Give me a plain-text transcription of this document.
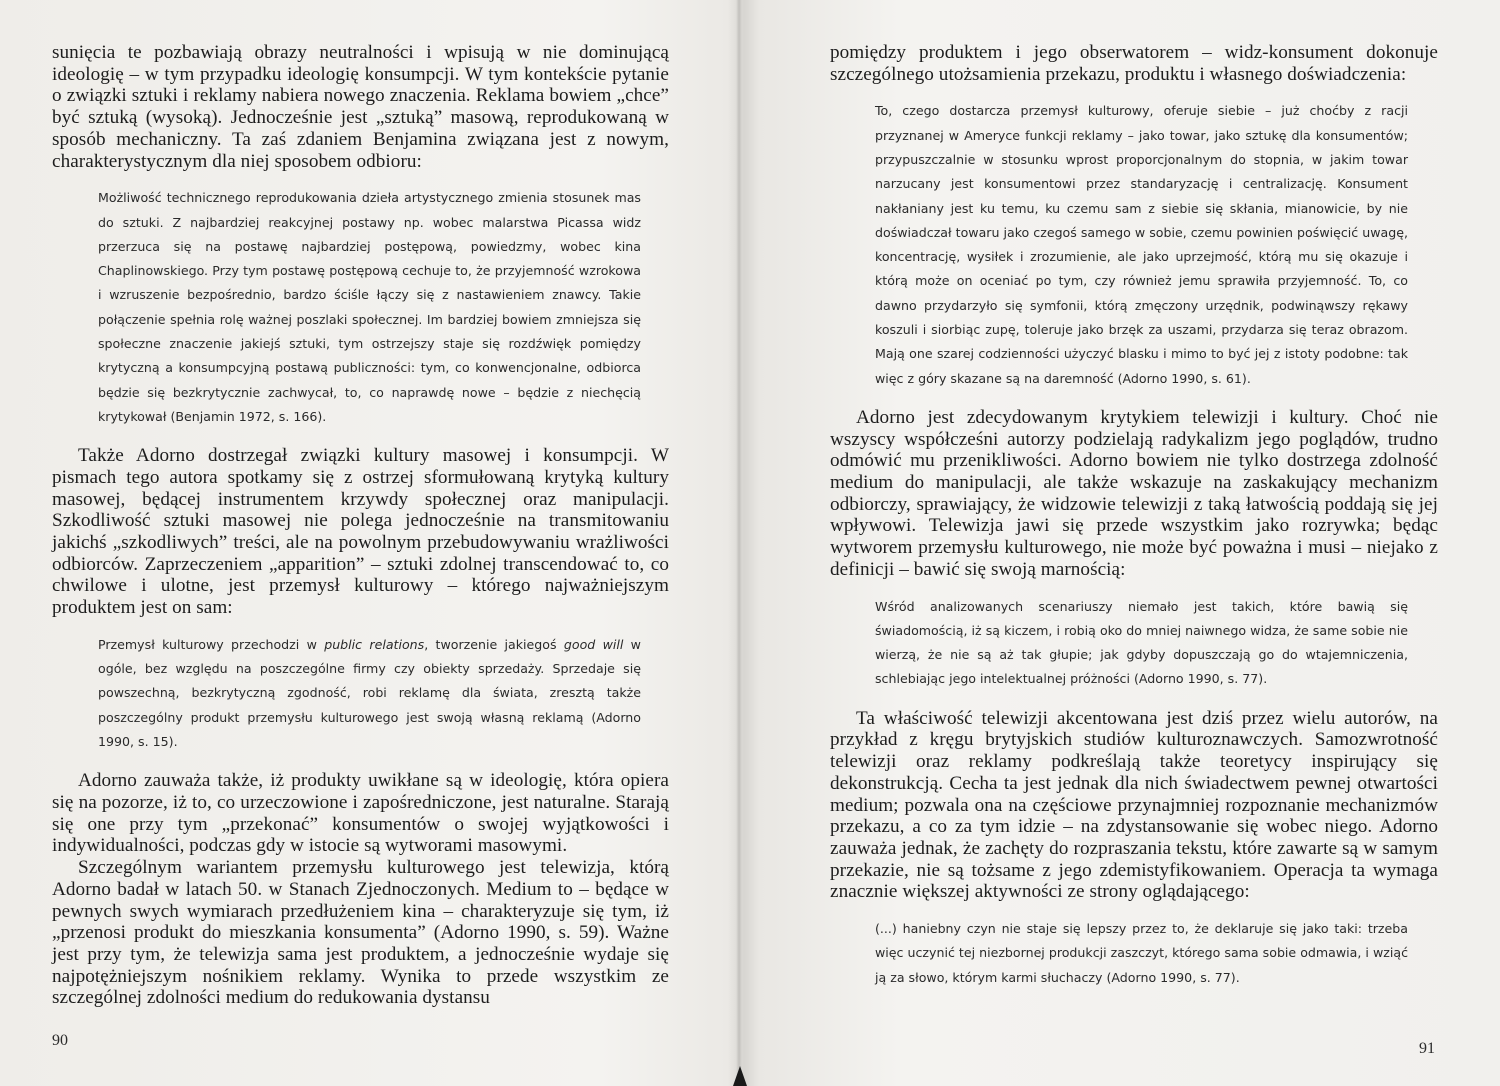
sunięcia te pozbawiają obrazy neutralności i wpisują w nie dominującą ideologię – w tym przypadku ideologię konsumpcji. W tym kontekście pytanie o związki sztuki i reklamy nabiera nowego znaczenia. Reklama bowiem „chce” być sztuką (wysoką). Jednocześnie jest „sztuką” masową, reprodukowaną w sposób mechaniczny. Ta zaś zdaniem Benjamina związana jest z nowym, charakterystycznym dla niej sposobem odbioru:

Możliwość technicznego reprodukowania dzieła artystycznego zmienia stosunek mas do sztuki. Z najbardziej reakcyjnej postawy np. wobec malarstwa Picassa widz przerzuca się na postawę najbardziej postępową, powiedzmy, wobec kina Chaplinowskiego. Przy tym postawę postępową cechuje to, że przyjemność wzrokowa i wzruszenie bezpośrednio, bardzo ściśle łączy się z nastawieniem znawcy. Takie połączenie spełnia rolę ważnej poszlaki społecznej. Im bardziej bowiem zmniejsza się społeczne znaczenie jakiejś sztuki, tym ostrzejszy staje się rozdźwięk pomiędzy krytyczną a konsumpcyjną postawą publiczności: tym, co konwencjonalne, odbiorca będzie się bezkrytycznie zachwycał, to, co naprawdę nowe – będzie z niechęcią krytykował (Benjamin 1972, s. 166).

Także Adorno dostrzegał związki kultury masowej i konsumpcji. W pismach tego autora spotkamy się z ostrzej sformułowaną krytyką kultury masowej, będącej instrumentem krzywdy społecznej oraz manipulacji. Szkodliwość sztuki masowej nie polega jednocześnie na transmitowaniu jakichś „szkodliwych” treści, ale na powolnym przebudowywaniu wrażliwości odbiorców. Zaprzeczeniem „apparition” – sztuki zdolnej transcendować to, co chwilowe i ulotne, jest przemysł kulturowy – którego najważniejszym produktem jest on sam:

Przemysł kulturowy przechodzi w public relations, tworzenie jakiegoś good will w ogóle, bez względu na poszczególne firmy czy obiekty sprzedaży. Sprzedaje się powszechną, bezkrytyczną zgodność, robi reklamę dla świata, zresztą także poszczególny produkt przemysłu kulturowego jest swoją własną reklamą (Adorno 1990, s. 15).

Adorno zauważa także, iż produkty uwikłane są w ideologię, która opiera się na pozorze, iż to, co urzeczowione i zapośredniczone, jest naturalne. Starają się one przy tym „przekonać” konsumentów o swojej wyjątkowości i indywidualności, podczas gdy w istocie są wytworami masowymi.

Szczególnym wariantem przemysłu kulturowego jest telewizja, którą Adorno badał w latach 50. w Stanach Zjednoczonych. Medium to – będące w pewnych swych wymiarach przedłużeniem kina – charakteryzuje się tym, iż „przenosi produkt do mieszkania konsumenta” (Adorno 1990, s. 59). Ważne jest przy tym, że telewizja sama jest produktem, a jednocześnie wydaje się najpotężniejszym nośnikiem reklamy. Wynika to przede wszystkim ze szczególnej zdolności medium do redukowania dystansu

pomiędzy produktem i jego obserwatorem – widz-konsument dokonuje szczególnego utożsamienia przekazu, produktu i własnego doświadczenia:

To, czego dostarcza przemysł kulturowy, oferuje siebie – już choćby z racji przyznanej w Ameryce funkcji reklamy – jako towar, jako sztukę dla konsumentów; przypuszczalnie w stosunku wprost proporcjonalnym do stopnia, w jakim towar narzucany jest konsumentowi przez standaryzację i centralizację. Konsument nakłaniany jest ku temu, ku czemu sam z siebie się skłania, mianowicie, by nie doświadczał towaru jako czegoś samego w sobie, czemu powinien poświęcić uwagę, koncentrację, wysiłek i zrozumienie, ale jako uprzejmość, którą mu się okazuje i którą może on oceniać po tym, czy również jemu sprawiła przyjemność. To, co dawno przydarzyło się symfonii, którą zmęczony urzędnik, podwinąwszy rękawy koszuli i siorbiąc zupę, toleruje jako brzęk za uszami, przydarza się teraz obrazom. Mają one szarej codzienności użyczyć blasku i mimo to być jej z istoty podobne: tak więc z góry skazane są na daremność (Adorno 1990, s. 61).

Adorno jest zdecydowanym krytykiem telewizji i kultury. Choć nie wszyscy współcześni autorzy podzielają radykalizm jego poglądów, trudno odmówić mu przenikliwości. Adorno bowiem nie tylko dostrzega zdolność medium do manipulacji, ale także wskazuje na zaskakujący mechanizm odbiorczy, sprawiający, że widzowie telewizji z taką łatwością poddają się jej wpływowi. Telewizja jawi się przede wszystkim jako rozrywka; będąc wytworem przemysłu kulturowego, nie może być poważna i musi – niejako z definicji – bawić się swoją marnością:

Wśród analizowanych scenariuszy niemało jest takich, które bawią się świadomością, iż są kiczem, i robią oko do mniej naiwnego widza, że same sobie nie wierzą, że nie są aż tak głupie; jak gdyby dopuszczają go do wtajemniczenia, schlebiając jego intelektualnej próżności (Adorno 1990, s. 77).

Ta właściwość telewizji akcentowana jest dziś przez wielu autorów, na przykład z kręgu brytyjskich studiów kulturoznawczych. Samozwrotność telewizji oraz reklamy podkreślają także teoretycy inspirujący się dekonstrukcją. Cecha ta jest jednak dla nich świadectwem pewnej otwartości medium; pozwala ona na częściowe przynajmniej rozpoznanie mechanizmów przekazu, a co za tym idzie – na zdystansowanie się wobec niego. Adorno zauważa jednak, że zachęty do rozpraszania tekstu, które zawarte są w samym przekazie, nie są tożsame z jego zdemistyfikowaniem. Operacja ta wymaga znacznie większej aktywności ze strony oglądającego:

(...) haniebny czyn nie staje się lepszy przez to, że deklaruje się jako taki: trzeba więc uczynić tej niezbornej produkcji zaszczyt, którego sama sobie odmawia, i wziąć ją za słowo, którym karmi słuchaczy (Adorno 1990, s. 77).

90	91
